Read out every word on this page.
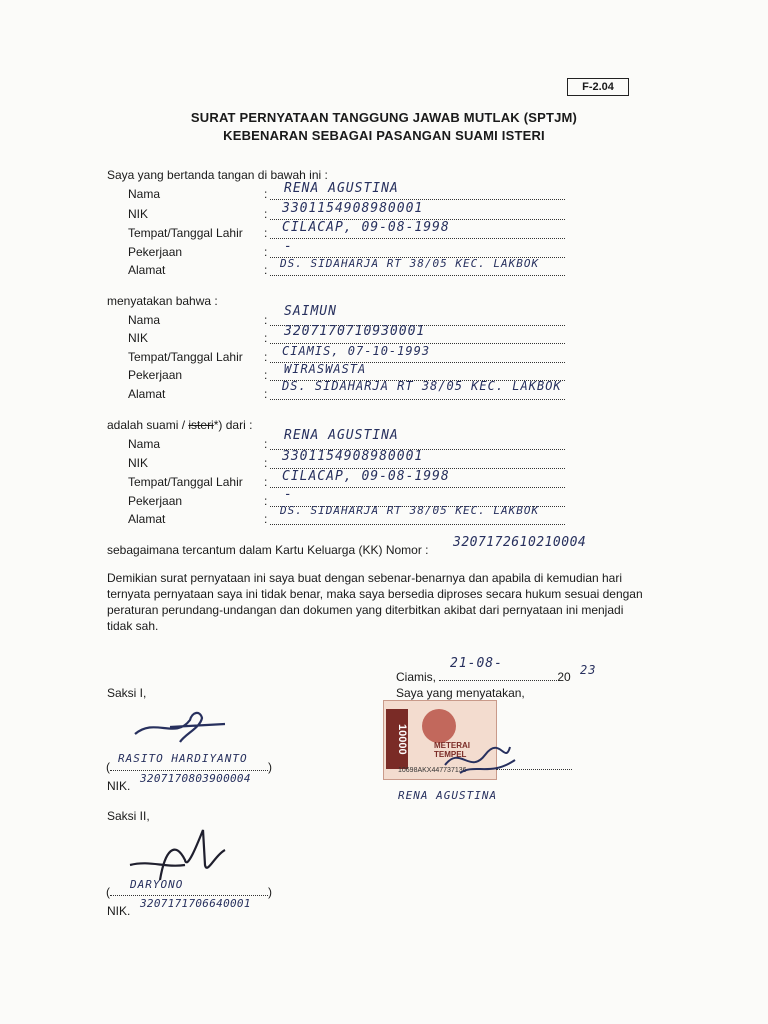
F-2.04
SURAT PERNYATAAN TANGGUNG JAWAB MUTLAK (SPTJM)
KEBENARAN SEBAGAI PASANGAN SUAMI ISTERI
Saya yang bertanda tangan di bawah ini :
Nama	: RENA AGUSTINA
NIK	: 3301154908980001
Tempat/Tanggal Lahir : CILACAP, 09-08-1998
Pekerjaan	: -
Alamat	: DS. SIDAHARJA RT 38/05 KEC. LAKBOK
menyatakan bahwa :
Nama	:
SAIMUN
NIK	: 3207170710930001
Tempat/Tanggal Lahir : CIAMIS, 07-10-1993
Pekerjaan	: WIRASWASTA
Alamat	:
DS. SIDAHARJA RT 38/05 KEC. LAKBOK
adalah suami / isteri*) dari :
Nama	:
RENA AGUSTINA
NIK	: 3301154908980001
Tempat/Tanggal Lahir : CILACAP, 09-08-1998
Pekerjaan	: -
Alamat	:
DS. SIDAHARJA RT 38/05 KEC. LAKBOK
sebagaimana tercantum dalam Kartu Keluarga (KK) Nomor : 3207172610210004
Demikian surat pernyataan ini saya buat dengan sebenar-benarnya dan apabila di kemudian hari ternyata pernyataan saya ini tidak benar, maka saya bersedia diproses secara hukum sesuai dengan peraturan perundang-undangan dan dokumen yang diterbitkan akibat dari pernyataan ini menjadi tidak sah.
Ciamis,	20
21-08-	23
Saya yang menyatakan,
10000	METERAI TEMPEL
10698AKX447737136
RENA AGUSTINA
Saksi I,
(	)
RASITO HARDIYANTO
NIK.
3207170803900004
Saksi II,
(	)
DARYONO
NIK.
3207171706640001
